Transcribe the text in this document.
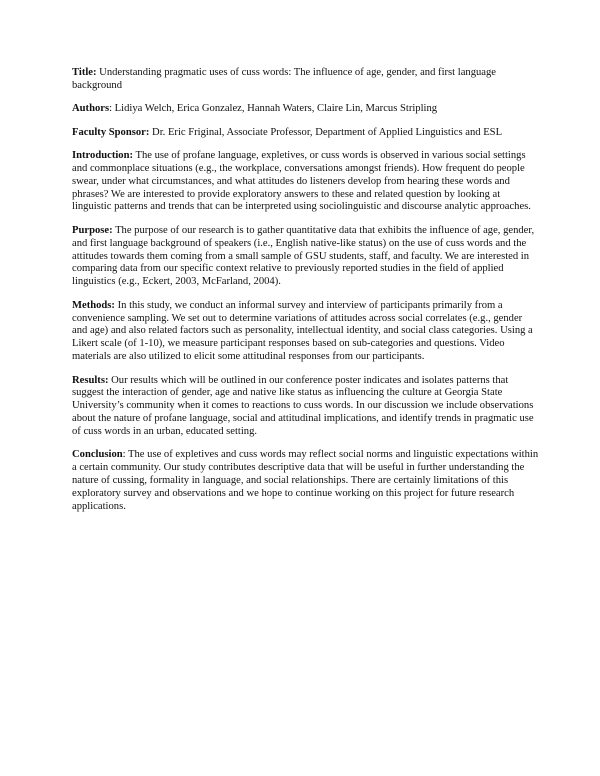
Title: Understanding pragmatic uses of cuss words: The influence of age, gender, and first language background

Authors: Lidiya Welch, Erica Gonzalez, Hannah Waters, Claire Lin, Marcus Stripling

Faculty Sponsor: Dr. Eric Friginal, Associate Professor, Department of Applied Linguistics and ESL

Introduction: The use of profane language, expletives, or cuss words is observed in various social settings and commonplace situations (e.g., the workplace, conversations amongst friends). How frequent do people swear, under what circumstances, and what attitudes do listeners develop from hearing these words and phrases? We are interested to provide exploratory answers to these and related question by looking at linguistic patterns and trends that can be interpreted using sociolinguistic and discourse analytic approaches.

Purpose: The purpose of our research is to gather quantitative data that exhibits the influence of age, gender, and first language background of speakers (i.e., English native-like status) on the use of cuss words and the attitudes towards them coming from a small sample of GSU students, staff, and faculty. We are interested in comparing data from our specific context relative to previously reported studies in the field of applied linguistics (e.g., Eckert, 2003, McFarland, 2004).

Methods: In this study, we conduct an informal survey and interview of participants primarily from a convenience sampling. We set out to determine variations of attitudes across social correlates (e.g., gender and age) and also related factors such as personality, intellectual identity, and social class categories. Using a Likert scale (of 1-10), we measure participant responses based on sub-categories and questions. Video materials are also utilized to elicit some attitudinal responses from our participants.

Results: Our results which will be outlined in our conference poster indicates and isolates patterns that suggest the interaction of gender, age and native like status as influencing the culture at Georgia State University’s community when it comes to reactions to cuss words. In our discussion we include observations about the nature of profane language, social and attitudinal implications, and identify trends in pragmatic use of cuss words in an urban, educated setting.

Conclusion: The use of expletives and cuss words may reflect social norms and linguistic expectations within a certain community. Our study contributes descriptive data that will be useful in further understanding the nature of cussing, formality in language, and social relationships. There are certainly limitations of this exploratory survey and observations and we hope to continue working on this project for future research applications.
